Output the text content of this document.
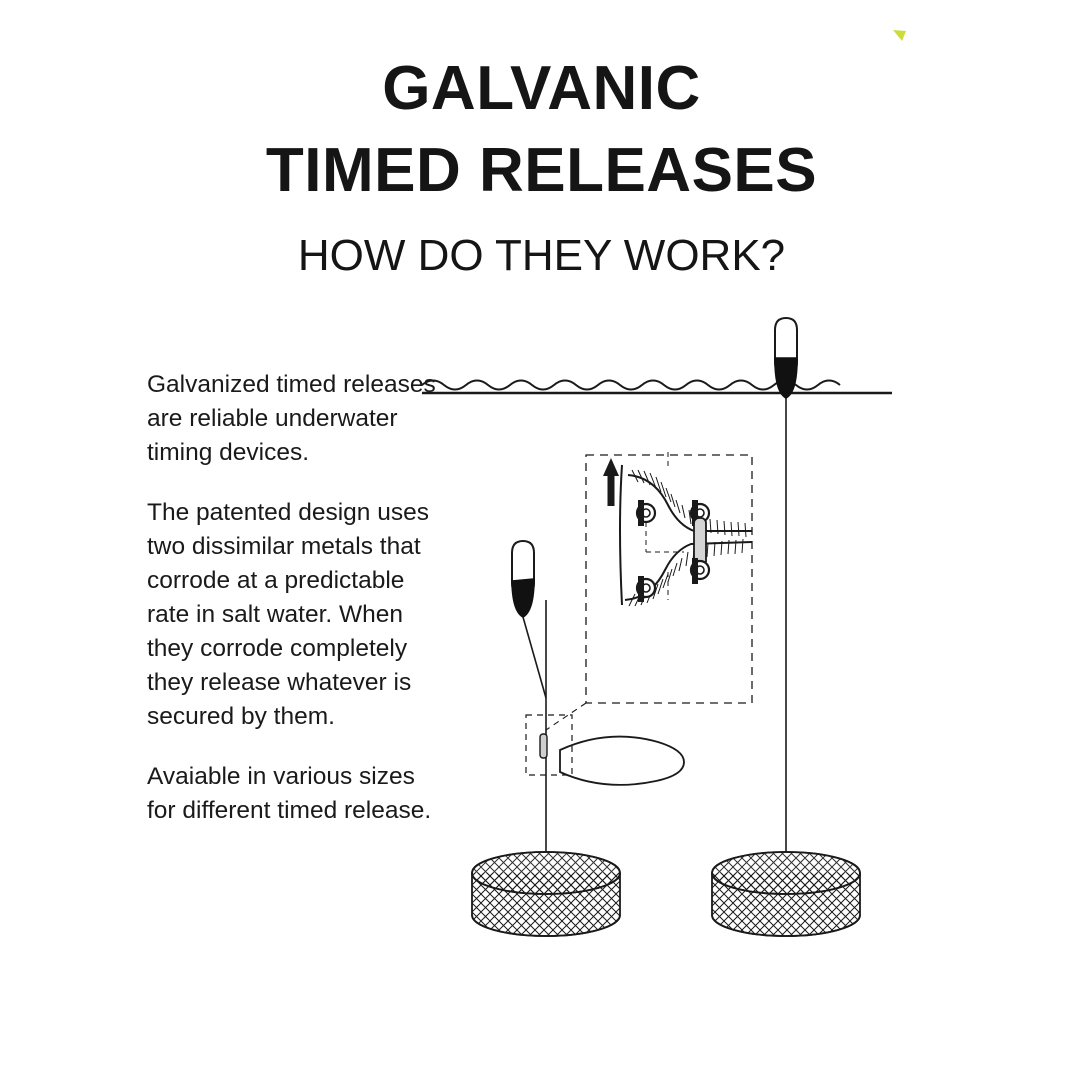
GALVANIC
TIMED RELEASES
HOW DO THEY WORK?

Galvanized timed releases are reliable underwater timing devices.

The patented design uses two dissimilar metals that corrode at a predictable rate in salt water. When they corrode completely they release whatever is secured by them.

Avaiable in various sizes for different timed release.
